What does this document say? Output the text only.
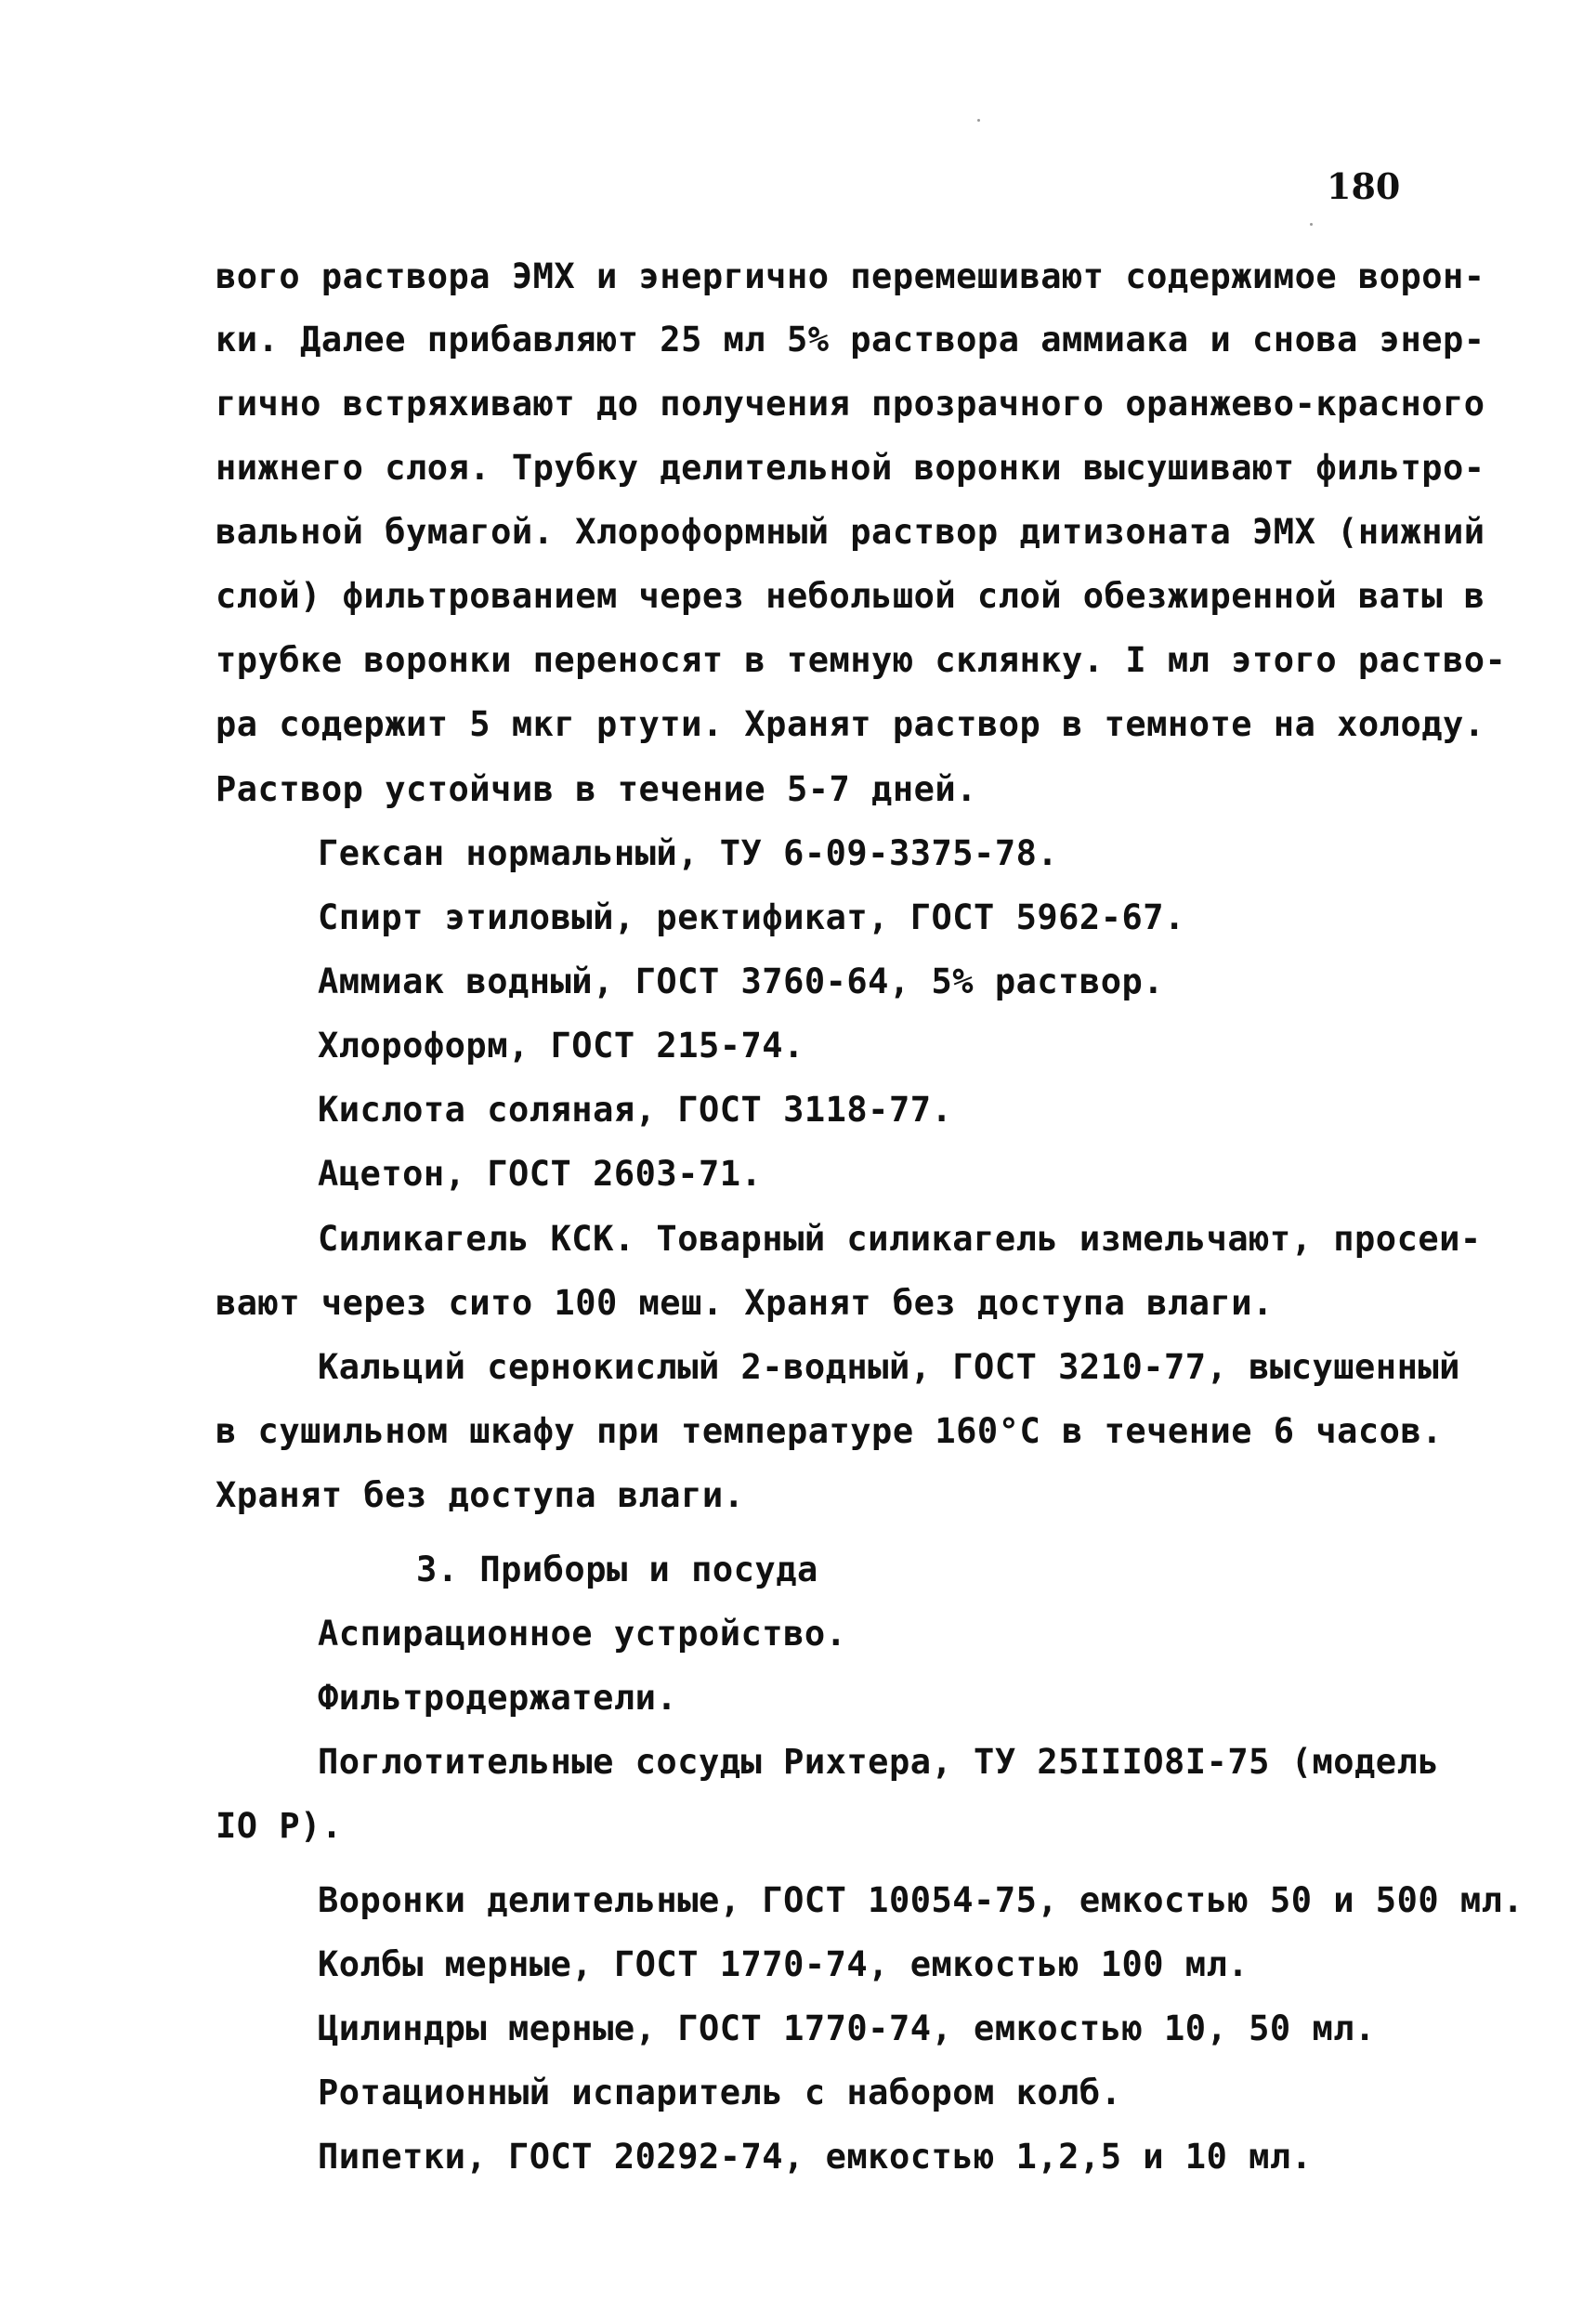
180
вого раствора ЭМХ и энергично перемешивают содержимое ворон-
ки. Далее прибавляют 25 мл 5% раствора аммиака и снова энер-
гично встряхивают до получения прозрачного оранжево-красного
нижнего слоя. Трубку делительной воронки высушивают фильтро-
вальной бумагой. Хлороформный раствор дитизоната ЭМХ (нижний
слой) фильтрованием через небольшой слой обезжиренной ваты в
трубке воронки переносят в темную склянку. I мл этого раство-
ра содержит 5 мкг ртути. Хранят раствор в темноте на холоду.
Раствор устойчив в течение 5-7 дней.
Гексан нормальный, ТУ 6-09-3375-78.
Спирт этиловый, ректификат, ГОСТ 5962-67.
Аммиак водный, ГОСТ 3760-64, 5% раствор.
Хлороформ, ГОСТ 215-74.
Кислота соляная, ГОСТ 3118-77.
Ацетон, ГОСТ 2603-71.
Силикагель КСК. Товарный силикагель измельчают, просеи-
вают через сито 100 меш. Хранят без доступа влаги.
Кальций сернокислый 2-водный, ГОСТ 3210-77, высушенный
в сушильном шкафу при температуре 160°С в течение 6 часов.
Хранят без доступа влаги.
3. Приборы и посуда
Аспирационное устройство.
Фильтродержатели.
Поглотительные сосуды Рихтера, ТУ 25IIIO8I-75 (модель
IO Р).
Воронки делительные, ГОСТ 10054-75, емкостью 50 и 500 мл.
Колбы мерные, ГОСТ 1770-74, емкостью 100 мл.
Цилиндры мерные, ГОСТ 1770-74, емкостью 10, 50 мл.
Ротационный испаритель с набором колб.
Пипетки, ГОСТ 20292-74, емкостью 1,2,5 и 10 мл.
